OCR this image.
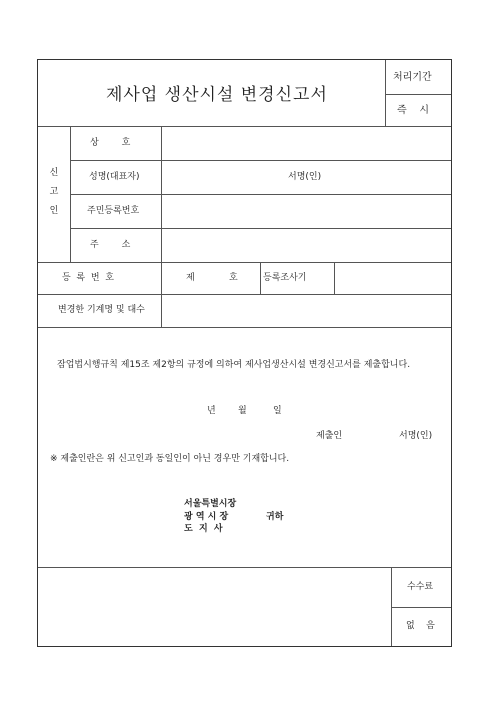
제사업 생산시설 변경신고서
처리기간
즉    시
신
고
인
상        호
성명(대표자)	서명(인)
주민등록번호
주        소
등  록  번  호	제	호	등록조사기
변경한 기계명 및 대수
잠업법시행규칙 제15조 제2항의 규정에 의하여 제사업생산시설 변경신고서를 제출합니다.
년 월	일
제출인	서명(인)
※ 제출인란은 위 신고인과 동일인이 아닌 경우만 기재합니다.
서울특별시장
광 역 시 장
도  지  사
귀하
수수료
없    음
